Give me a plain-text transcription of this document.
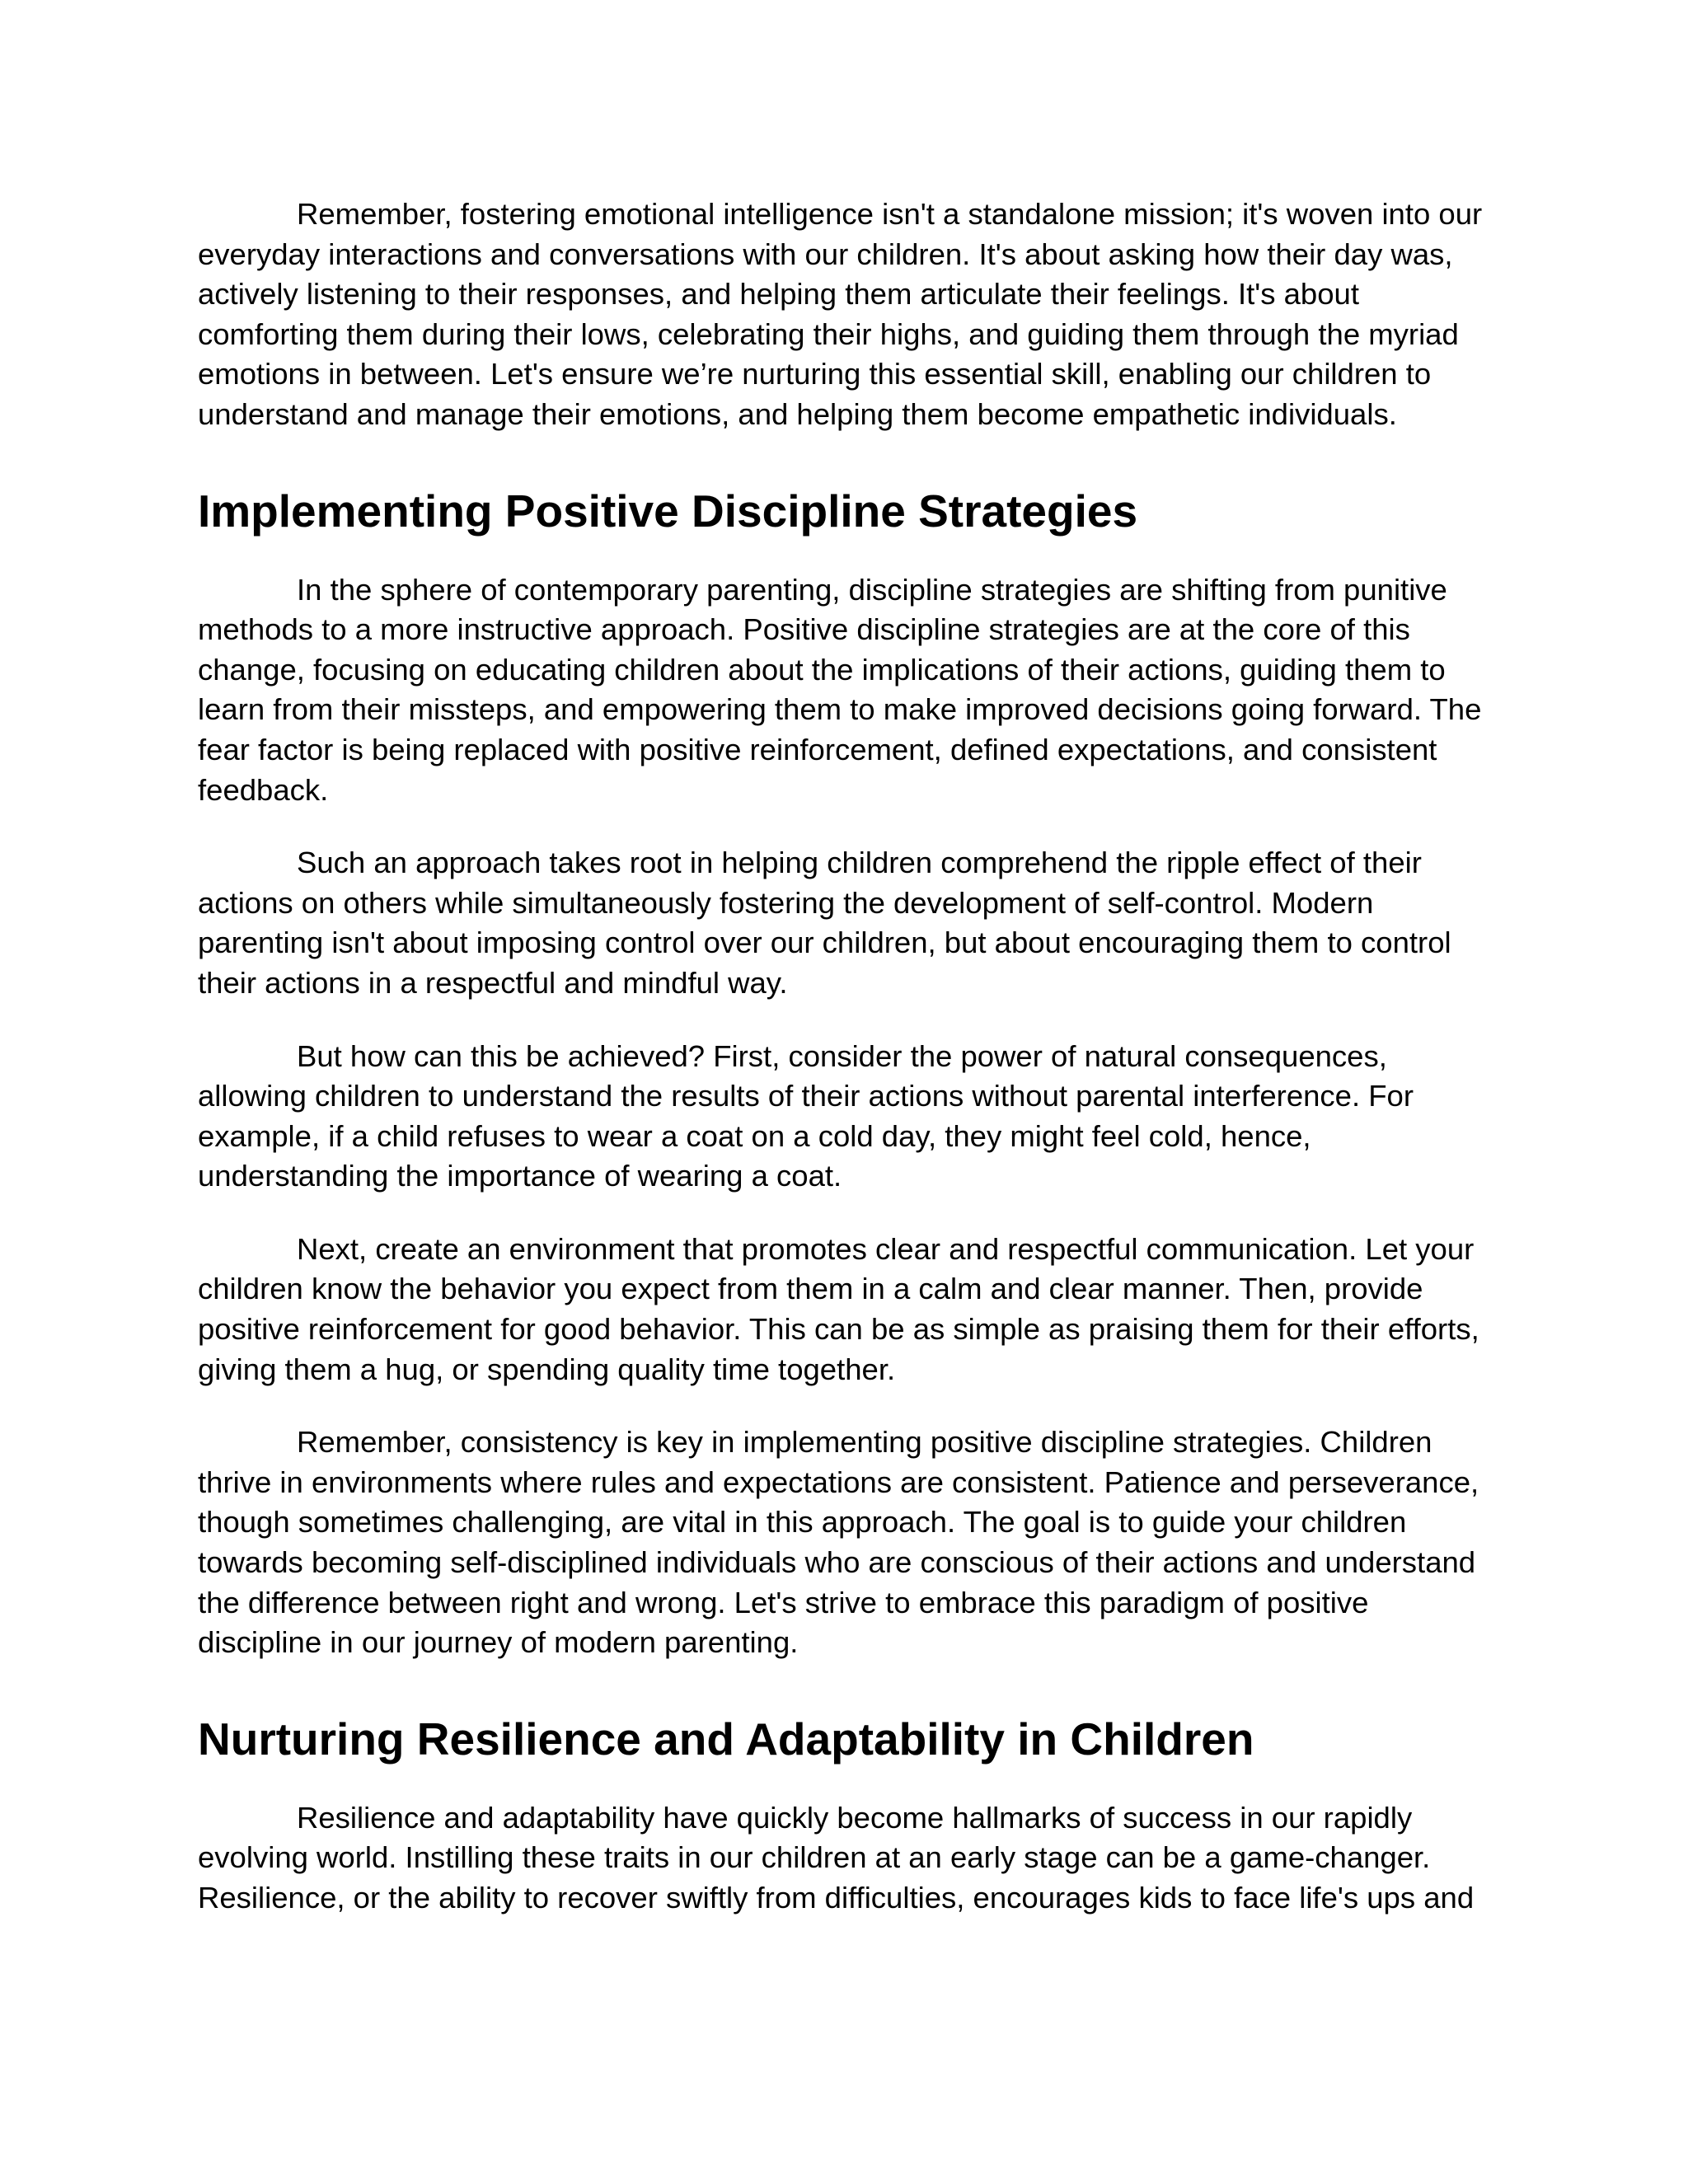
Remember, fostering emotional intelligence isn't a standalone mission; it's woven into our everyday interactions and conversations with our children. It's about asking how their day was, actively listening to their responses, and helping them articulate their feelings. It's about comforting them during their lows, celebrating their highs, and guiding them through the myriad emotions in between. Let's ensure we’re nurturing this essential skill, enabling our children to understand and manage their emotions, and helping them become empathetic individuals.

Implementing Positive Discipline Strategies

In the sphere of contemporary parenting, discipline strategies are shifting from punitive methods to a more instructive approach. Positive discipline strategies are at the core of this change, focusing on educating children about the implications of their actions, guiding them to learn from their missteps, and empowering them to make improved decisions going forward. The fear factor is being replaced with positive reinforcement, defined expectations, and consistent feedback.

Such an approach takes root in helping children comprehend the ripple effect of their actions on others while simultaneously fostering the development of self-control. Modern parenting isn't about imposing control over our children, but about encouraging them to control their actions in a respectful and mindful way.

But how can this be achieved? First, consider the power of natural consequences, allowing children to understand the results of their actions without parental interference. For example, if a child refuses to wear a coat on a cold day, they might feel cold, hence, understanding the importance of wearing a coat.

Next, create an environment that promotes clear and respectful communication. Let your children know the behavior you expect from them in a calm and clear manner. Then, provide positive reinforcement for good behavior. This can be as simple as praising them for their efforts, giving them a hug, or spending quality time together.

Remember, consistency is key in implementing positive discipline strategies. Children thrive in environments where rules and expectations are consistent. Patience and perseverance, though sometimes challenging, are vital in this approach. The goal is to guide your children towards becoming self-disciplined individuals who are conscious of their actions and understand the difference between right and wrong. Let's strive to embrace this paradigm of positive discipline in our journey of modern parenting.

Nurturing Resilience and Adaptability in Children

Resilience and adaptability have quickly become hallmarks of success in our rapidly evolving world. Instilling these traits in our children at an early stage can be a game-changer. Resilience, or the ability to recover swiftly from difficulties, encourages kids to face life's ups and
